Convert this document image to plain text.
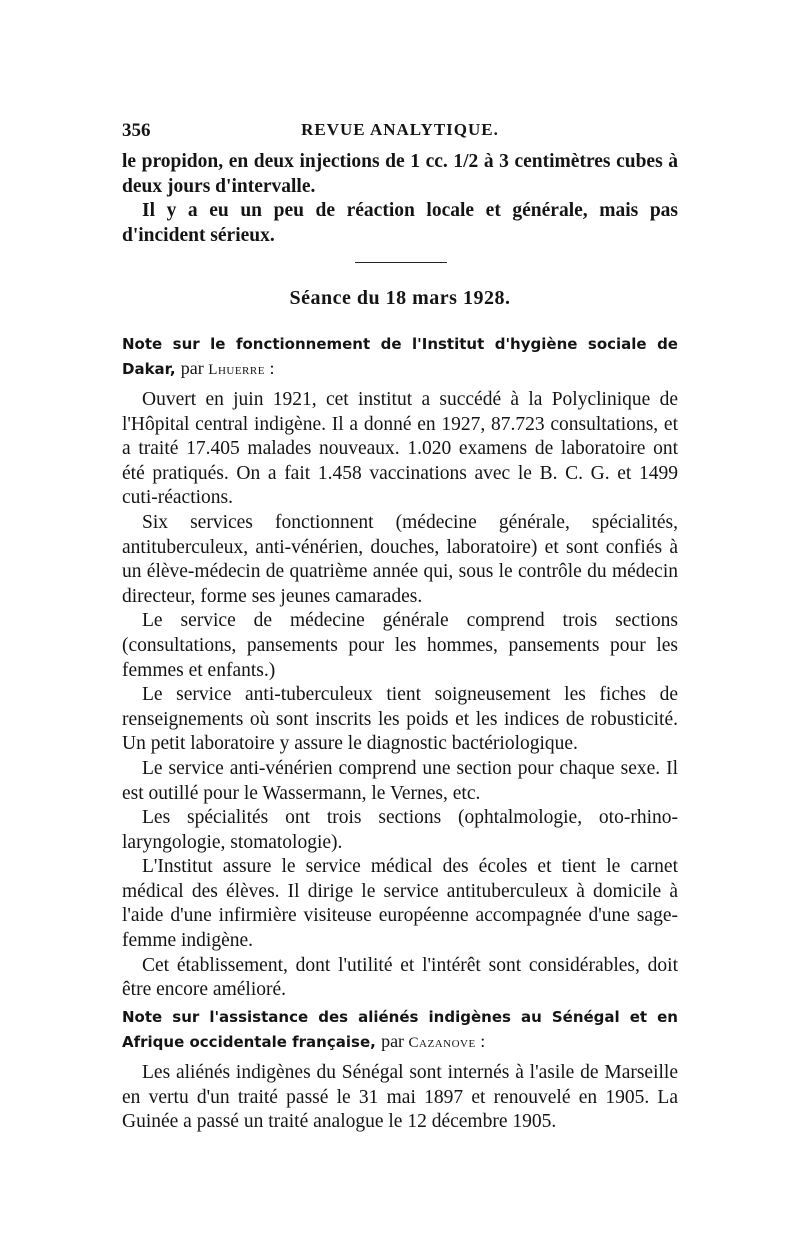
356	REVUE ANALYTIQUE.

le propidon, en deux injections de 1 cc. 1/2 à 3 centimètres cubes à deux jours d'intervalle.

Il y a eu un peu de réaction locale et générale, mais pas d'incident sérieux.

Séance du 18 mars 1928.
Note sur le fonctionnement de l'Institut d'hygiène sociale de Dakar, par Lhuerre :

Ouvert en juin 1921, cet institut a succédé à la Polyclinique de l'Hôpital central indigène. Il a donné en 1927, 87.723 consultations, et a traité 17.405 malades nouveaux. 1.020 examens de laboratoire ont été pratiqués. On a fait 1.458 vaccinations avec le B. C. G. et 1499 cuti-réactions.

Six services fonctionnent (médecine générale, spécialités, antituberculeux, anti-vénérien, douches, laboratoire) et sont confiés à un élève-médecin de quatrième année qui, sous le contrôle du médecin directeur, forme ses jeunes camarades.

Le service de médecine générale comprend trois sections (consultations, pansements pour les hommes, pansements pour les femmes et enfants.)

Le service anti-tuberculeux tient soigneusement les fiches de renseignements où sont inscrits les poids et les indices de robusticité. Un petit laboratoire y assure le diagnostic bactériologique.

Le service anti-vénérien comprend une section pour chaque sexe. Il est outillé pour le Wassermann, le Vernes, etc.

Les spécialités ont trois sections (ophtalmologie, oto-rhino-laryngologie, stomatologie).

L'Institut assure le service médical des écoles et tient le carnet médical des élèves. Il dirige le service antituberculeux à domicile à l'aide d'une infirmière visiteuse européenne accompagnée d'une sage-femme indigène.

Cet établissement, dont l'utilité et l'intérêt sont considérables, doit être encore amélioré.

Note sur l'assistance des aliénés indigènes au Sénégal et en Afrique occidentale française, par Cazanove :

Les aliénés indigènes du Sénégal sont internés à l'asile de Marseille en vertu d'un traité passé le 31 mai 1897 et renouvelé en 1905. La Guinée a passé un traité analogue le 12 décembre 1905.
